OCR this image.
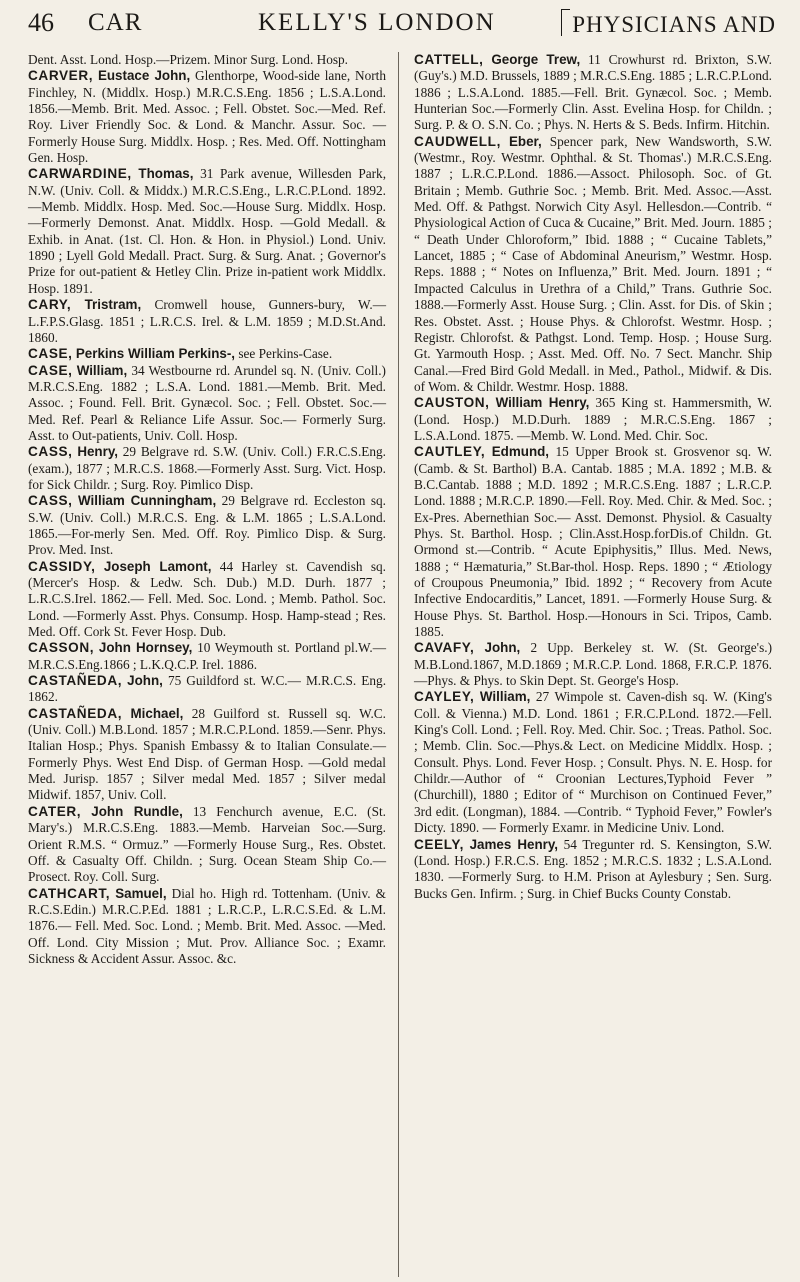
46	CAR	KELLY'S LONDON	PHYSICIANS AND

Dent. Asst. Lond. Hosp.—Prizem. Minor Surg. Lond. Hosp.

CARVER, Eustace John, Glenthorpe, Wood-side lane, North Finchley, N. (Middlx. Hosp.) M.R.C.S.Eng. 1856 ; L.S.A.Lond. 1856.—Memb. Brit. Med. Assoc. ; Fell. Obstet. Soc.—Med. Ref. Roy. Liver Friendly Soc. & Lond. & Manchr. Assur. Soc. — Formerly House Surg. Middlx. Hosp. ; Res. Med. Off. Nottingham Gen. Hosp.

CARWARDINE, Thomas, 31 Park avenue, Willesden Park, N.W. (Univ. Coll. & Middx.) M.R.C.S.Eng., L.R.C.P.Lond. 1892.—Memb. Middlx. Hosp. Med. Soc.—House Surg. Middlx. Hosp.—Formerly Demonst. Anat. Middlx. Hosp. —Gold Medall. & Exhib. in Anat. (1st. Cl. Hon. & Hon. in Physiol.) Lond. Univ. 1890 ; Lyell Gold Medall. Pract. Surg. & Surg. Anat. ; Governor's Prize for out-patient & Hetley Clin. Prize in-patient work Middlx. Hosp. 1891.

CARY, Tristram, Cromwell house, Gunners-bury, W.—L.F.P.S.Glasg. 1851 ; L.R.C.S. Irel. & L.M. 1859 ; M.D.St.And. 1860.

CASE, Perkins William Perkins-, see Perkins-Case.

CASE, William, 34 Westbourne rd. Arundel sq. N. (Univ. Coll.) M.R.C.S.Eng. 1882 ; L.S.A. Lond. 1881.—Memb. Brit. Med. Assoc. ; Found. Fell. Brit. Gynæcol. Soc. ; Fell. Obstet. Soc.— Med. Ref. Pearl & Reliance Life Assur. Soc.— Formerly Surg. Asst. to Out-patients, Univ. Coll. Hosp.

CASS, Henry, 29 Belgrave rd. S.W. (Univ. Coll.) F.R.C.S.Eng. (exam.), 1877 ; M.R.C.S. 1868.—Formerly Asst. Surg. Vict. Hosp. for Sick Childr. ; Surg. Roy. Pimlico Disp.

CASS, William Cunningham, 29 Belgrave rd. Eccleston sq. S.W. (Univ. Coll.) M.R.C.S. Eng. & L.M. 1865 ; L.S.A.Lond. 1865.—For-merly Sen. Med. Off. Roy. Pimlico Disp. & Surg. Prov. Med. Inst.

CASSIDY, Joseph Lamont, 44 Harley st. Cavendish sq. (Mercer's Hosp. & Ledw. Sch. Dub.) M.D. Durh. 1877 ; L.R.C.S.Irel. 1862.— Fell. Med. Soc. Lond. ; Memb. Pathol. Soc. Lond. —Formerly Asst. Phys. Consump. Hosp. Hamp-stead ; Res. Med. Off. Cork St. Fever Hosp. Dub.

CASSON, John Hornsey, 10 Weymouth st. Portland pl.W.—M.R.C.S.Eng.1866 ; L.K.Q.C.P. Irel. 1886.

CASTAÑEDA, John, 75 Guildford st. W.C.— M.R.C.S. Eng. 1862.

CASTAÑEDA, Michael, 28 Guilford st. Russell sq. W.C. (Univ. Coll.) M.B.Lond. 1857 ; M.R.C.P.Lond. 1859.—Senr. Phys. Italian Hosp.; Phys. Spanish Embassy & to Italian Consulate.— Formerly Phys. West End Disp. of German Hosp. —Gold medal Med. Jurisp. 1857 ; Silver medal Med. 1857 ; Silver medal Midwif. 1857, Univ. Coll.

CATER, John Rundle, 13 Fenchurch avenue, E.C. (St. Mary's.) M.R.C.S.Eng. 1883.—Memb. Harveian Soc.—Surg. Orient R.M.S. “ Ormuz.” —Formerly House Surg., Res. Obstet. Off. & Casualty Off. Childn. ; Surg. Ocean Steam Ship Co.—Prosect. Roy. Coll. Surg.

CATHCART, Samuel, Dial ho. High rd. Tottenham. (Univ. & R.C.S.Edin.) M.R.C.P.Ed. 1881 ; L.R.C.P., L.R.C.S.Ed. & L.M. 1876.— Fell. Med. Soc. Lond. ; Memb. Brit. Med. Assoc. —Med. Off. Lond. City Mission ; Mut. Prov. Alliance Soc. ; Examr. Sickness & Accident Assur. Assoc. &c.

CATTELL, George Trew, 11 Crowhurst rd. Brixton, S.W. (Guy's.) M.D. Brussels, 1889 ; M.R.C.S.Eng. 1885 ; L.R.C.P.Lond. 1886 ; L.S.A.Lond. 1885.—Fell. Brit. Gynæcol. Soc. ; Memb. Hunterian Soc.—Formerly Clin. Asst. Evelina Hosp. for Childn. ; Surg. P. & O. S.N. Co. ; Phys. N. Herts & S. Beds. Infirm. Hitchin.

CAUDWELL, Eber, Spencer park, New Wandsworth, S.W. (Westmr., Roy. Westmr. Ophthal. & St. Thomas'.) M.R.C.S.Eng. 1887 ; L.R.C.P.Lond. 1886.—Assoct. Philosoph. Soc. of Gt. Britain ; Memb. Guthrie Soc. ; Memb. Brit. Med. Assoc.—Asst. Med. Off. & Pathgst. Norwich City Asyl. Hellesdon.—Contrib. “ Physiological Action of Cuca & Cucaine,” Brit. Med. Journ. 1885 ; “ Death Under Chloroform,” Ibid. 1888 ; “ Cucaine Tablets,” Lancet, 1885 ; “ Case of Abdominal Aneurism,” Westmr. Hosp. Reps. 1888 ; “ Notes on Influenza,” Brit. Med. Journ. 1891 ; “ Impacted Calculus in Urethra of a Child,” Trans. Guthrie Soc. 1888.—Formerly Asst. House Surg. ; Clin. Asst. for Dis. of Skin ; Res. Obstet. Asst. ; House Phys. & Chlorofst. Westmr. Hosp. ; Registr. Chlorofst. & Pathgst. Lond. Temp. Hosp. ; House Surg. Gt. Yarmouth Hosp. ; Asst. Med. Off. No. 7 Sect. Manchr. Ship Canal.—Fred Bird Gold Medall. in Med., Pathol., Midwif. & Dis. of Wom. & Childr. Westmr. Hosp. 1888.

CAUSTON, William Henry, 365 King st. Hammersmith, W. (Lond. Hosp.) M.D.Durh. 1889 ; M.R.C.S.Eng. 1867 ; L.S.A.Lond. 1875. —Memb. W. Lond. Med. Chir. Soc.

CAUTLEY, Edmund, 15 Upper Brook st. Grosvenor sq. W. (Camb. & St. Barthol) B.A. Cantab. 1885 ; M.A. 1892 ; M.B. & B.C.Cantab. 1888 ; M.D. 1892 ; M.R.C.S.Eng. 1887 ; L.R.C.P. Lond. 1888 ; M.R.C.P. 1890.—Fell. Roy. Med. Chir. & Med. Soc. ; Ex-Pres. Abernethian Soc.— Asst. Demonst. Physiol. & Casualty Phys. St. Barthol. Hosp. ; Clin.Asst.Hosp.forDis.of Childn. Gt. Ormond st.—Contrib. “ Acute Epiphysitis,” Illus. Med. News, 1888 ; “ Hæmaturia,” St.Bar-thol. Hosp. Reps. 1890 ; “ Ætiology of Croupous Pneumonia,” Ibid. 1892 ; “ Recovery from Acute Infective Endocarditis,” Lancet, 1891. —Formerly House Surg. & House Phys. St. Barthol. Hosp.—Honours in Sci. Tripos, Camb. 1885.

CAVAFY, John, 2 Upp. Berkeley st. W. (St. George's.) M.B.Lond.1867, M.D.1869 ; M.R.C.P. Lond. 1868, F.R.C.P. 1876.—Phys. & Phys. to Skin Dept. St. George's Hosp.

CAYLEY, William, 27 Wimpole st. Caven-dish sq. W. (King's Coll. & Vienna.) M.D. Lond. 1861 ; F.R.C.P.Lond. 1872.—Fell. King's Coll. Lond. ; Fell. Roy. Med. Chir. Soc. ; Treas. Pathol. Soc. ; Memb. Clin. Soc.—Phys.& Lect. on Medicine Middlx. Hosp. ; Consult. Phys. Lond. Fever Hosp. ; Consult. Phys. N. E. Hosp. for Childr.—Author of “ Croonian Lectures,Typhoid Fever ” (Churchill), 1880 ; Editor of “ Murchison on Continued Fever,” 3rd edit. (Longman), 1884. —Contrib. “ Typhoid Fever,” Fowler's Dicty. 1890. — Formerly Examr. in Medicine Univ. Lond.

CEELY, James Henry, 54 Tregunter rd. S. Kensington, S.W. (Lond. Hosp.) F.R.C.S. Eng. 1852 ; M.R.C.S. 1832 ; L.S.A.Lond. 1830. —Formerly Surg. to H.M. Prison at Aylesbury ; Sen. Surg. Bucks Gen. Infirm. ; Surg. in Chief Bucks County Constab.
